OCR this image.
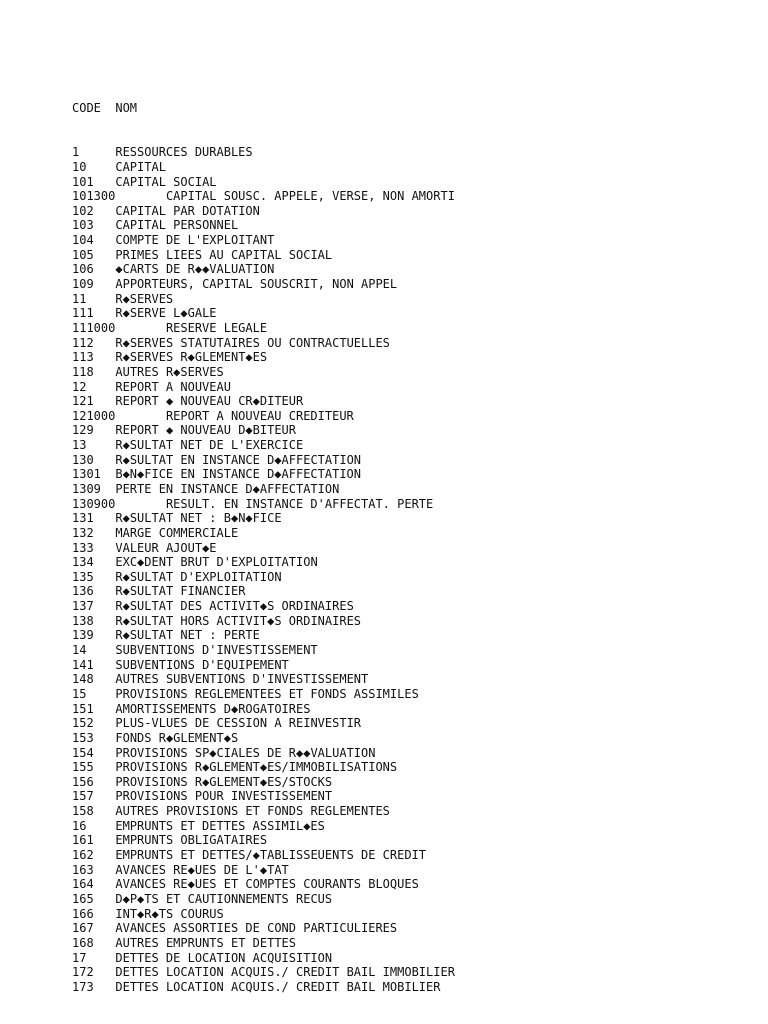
CODE NOM

1	RESSOURCES DURABLES
10 CAPITAL
101 CAPITAL SOCIAL
101300	CAPITAL SOUSC. APPELE, VERSE, NON AMORTI
102 CAPITAL PAR DOTATION
103 CAPITAL PERSONNEL
104 COMPTE DE L'EXPLOITANT
105 PRIMES LIEES AU CAPITAL SOCIAL
106 ◆CARTS DE R◆◆VALUATION
109 APPORTEURS, CAPITAL SOUSCRIT, NON APPEL
11 R◆SERVES
111 R◆SERVE L◆GALE
111000	RESERVE LEGALE
112 R◆SERVES STATUTAIRES OU CONTRACTUELLES
113 R◆SERVES R◆GLEMENT◆ES
118 AUTRES R◆SERVES
12 REPORT A NOUVEAU
121 REPORT ◆ NOUVEAU CR◆DITEUR
121000	REPORT A NOUVEAU CREDITEUR
129 REPORT ◆ NOUVEAU D◆BITEUR
13 R◆SULTAT NET DE L'EXERCICE
130 R◆SULTAT EN INSTANCE D◆AFFECTATION
1301 B◆N◆FICE EN INSTANCE D◆AFFECTATION
1309 PERTE EN INSTANCE D◆AFFECTATION
130900	RESULT. EN INSTANCE D'AFFECTAT. PERTE
131 R◆SULTAT NET : B◆N◆FICE
132 MARGE COMMERCIALE
133 VALEUR AJOUT◆E
134 EXC◆DENT BRUT D'EXPLOITATION
135 R◆SULTAT D'EXPLOITATION
136 R◆SULTAT FINANCIER
137 R◆SULTAT DES ACTIVIT◆S ORDINAIRES
138 R◆SULTAT HORS ACTIVIT◆S ORDINAIRES
139 R◆SULTAT NET : PERTE
14 SUBVENTIONS D'INVESTISSEMENT
141 SUBVENTIONS D'EQUIPEMENT
148 AUTRES SUBVENTIONS D'INVESTISSEMENT
15 PROVISIONS REGLEMENTEES ET FONDS ASSIMILES
151 AMORTISSEMENTS D◆ROGATOIRES
152 PLUS-VLUES DE CESSION A REINVESTIR
153 FONDS R◆GLEMENT◆S
154 PROVISIONS SP◆CIALES DE R◆◆VALUATION
155 PROVISIONS R◆GLEMENT◆ES/IMMOBILISATIONS
156 PROVISIONS R◆GLEMENT◆ES/STOCKS
157 PROVISIONS POUR INVESTISSEMENT
158 AUTRES PROVISIONS ET FONDS REGLEMENTES
16 EMPRUNTS ET DETTES ASSIMIL◆ES
161 EMPRUNTS OBLIGATAIRES
162 EMPRUNTS ET DETTES/◆TABLISSEUENTS DE CREDIT
163 AVANCES RE◆UES DE L'◆TAT
164 AVANCES RE◆UES ET COMPTES COURANTS BLOQUES
165 D◆P◆TS ET CAUTIONNEMENTS RECUS
166 INT◆R◆TS COURUS
167 AVANCES ASSORTIES DE COND PARTICULIERES
168 AUTRES EMPRUNTS ET DETTES
17 DETTES DE LOCATION ACQUISITION
172 DETTES LOCATION ACQUIS./ CREDIT BAIL IMMOBILIER
173 DETTES LOCATION ACQUIS./ CREDIT BAIL MOBILIER
